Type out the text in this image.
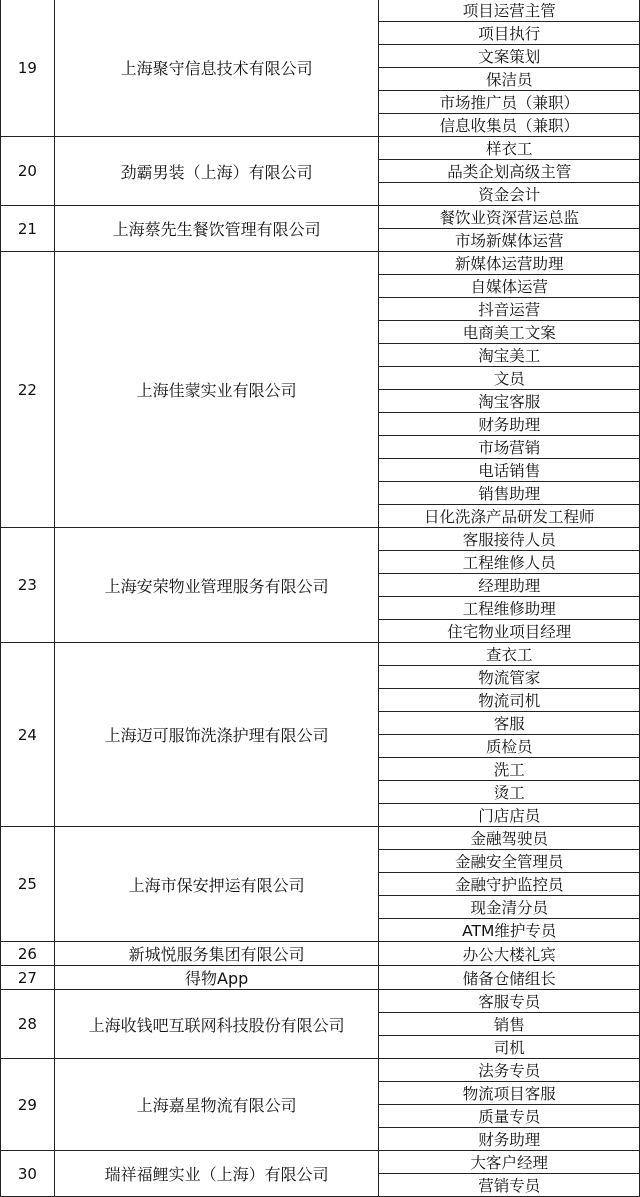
19	上海聚守信息技术有限公司	项目运营主管
		项目执行
		文案策划
		保洁员
		市场推广员（兼职）
		信息收集员（兼职）
20	劲霸男装（上海）有限公司	样衣工
		品类企划高级主管
		资金会计
21	上海蔡先生餐饮管理有限公司	餐饮业资深营运总监
		市场新媒体运营
22	上海佳蒙实业有限公司	新媒体运营助理
		自媒体运营
		抖音运营
		电商美工文案
		淘宝美工
		文员
		淘宝客服
		财务助理
		市场营销
		电话销售
		销售助理
		日化洗涤产品研发工程师
23	上海安荣物业管理服务有限公司	客服接待人员
		工程维修人员
		经理助理
		工程维修助理
		住宅物业项目经理
24	上海迈可服饰洗涤护理有限公司	查衣工
		物流管家
		物流司机
		客服
		质检员
		洗工
		烫工
		门店店员
25	上海市保安押运有限公司	金融驾驶员
		金融安全管理员
		金融守护监控员
		现金清分员
		ATM维护专员
26	新城悦服务集团有限公司	办公大楼礼宾
27	得物App	储备仓储组长
28	上海收钱吧互联网科技股份有限公司	客服专员
		销售
		司机
29	上海嘉星物流有限公司	法务专员
		物流项目客服
		质量专员
		财务助理
30	瑞祥福鲤实业（上海）有限公司	大客户经理
		营销专员
